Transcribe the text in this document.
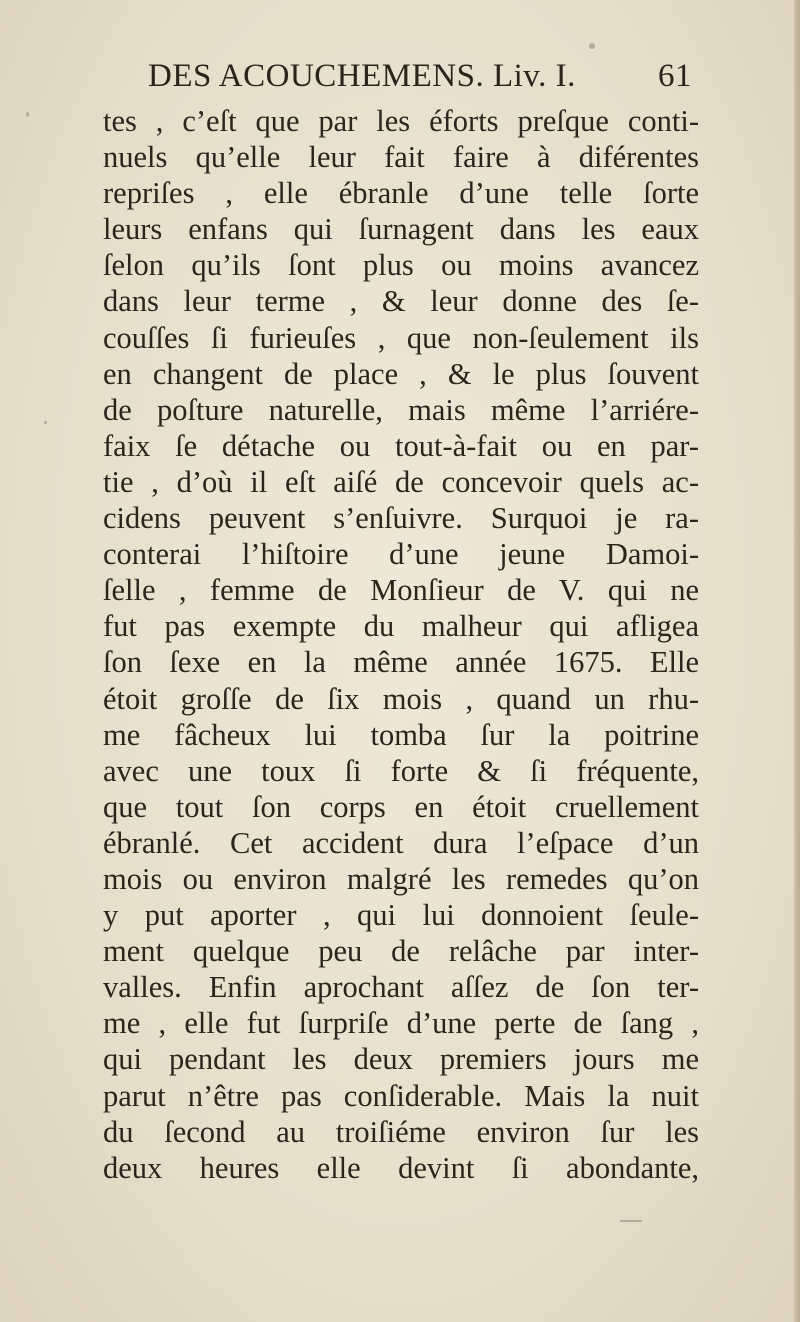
DES ACOUCHEMENS. Liv. I. 61
tes , c’eſt que par les éforts preſque conti-
nuels qu’elle leur fait faire à diférentes
repriſes , elle ébranle d’une telle ſorte
leurs enfans qui ſurnagent dans les eaux
ſelon qu’ils ſont plus ou moins avancez
dans leur terme , & leur donne des ſe-
couſſes ſi furieuſes , que non-ſeulement ils
en changent de place , & le plus ſouvent
de poſture naturelle, mais même l’arriére-
faix ſe détache ou tout-à-fait ou en par-
tie , d’où il eſt aiſé de concevoir quels ac-
cidens peuvent s’enſuivre. Surquoi je ra-
conterai l’hiſtoire d’une jeune Damoi-
ſelle , femme de Monſieur de V. qui ne
fut pas exempte du malheur qui afligea
ſon ſexe en la même année 1675. Elle
étoit groſſe de ſix mois , quand un rhu-
me fâcheux lui tomba ſur la poitrine
avec une toux ſi forte & ſi fréquente,
que tout ſon corps en étoit cruellement
ébranlé. Cet accident dura l’eſpace d’un
mois ou environ malgré les remedes qu’on
y put aporter , qui lui donnoient ſeule-
ment quelque peu de relâche par inter-
valles. Enfin aprochant aſſez de ſon ter-
me , elle fut ſurpriſe d’une perte de ſang ,
qui pendant les deux premiers jours me
parut n’être pas conſiderable. Mais la nuit
du ſecond au troiſiéme environ ſur les
deux heures elle devint ſi abondante,
